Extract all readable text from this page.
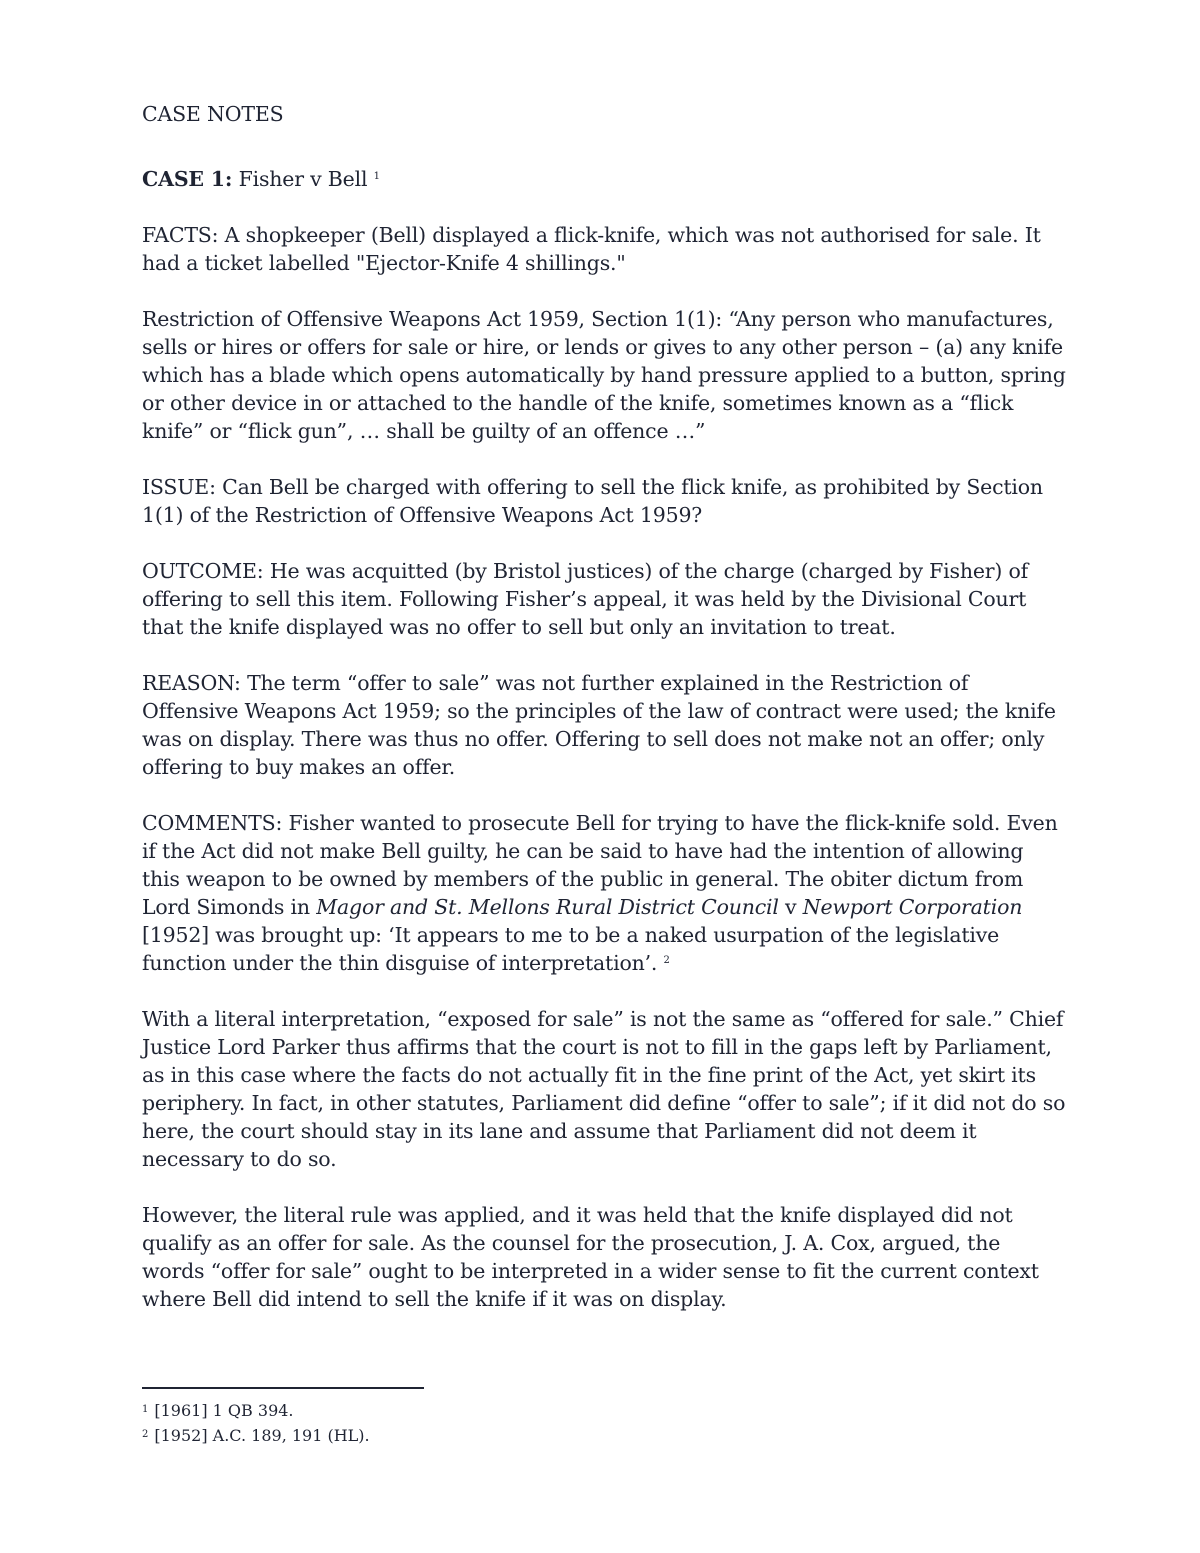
CASE NOTES
CASE 1: Fisher v Bell $^1$

FACTS: A shopkeeper (Bell) displayed a flick-knife, which was not authorised for sale. It had a ticket labelled "Ejector-Knife 4 shillings."

Restriction of Offensive Weapons Act 1959, Section 1(1): “Any person who manufactures, sells or hires or offers for sale or hire, or lends or gives to any other person – (a) any knife which has a blade which opens automatically by hand pressure applied to a button, spring or other device in or attached to the handle of the knife, sometimes known as a “flick knife” or “flick gun”, … shall be guilty of an offence …”

ISSUE: Can Bell be charged with offering to sell the flick knife, as prohibited by Section 1(1) of the Restriction of Offensive Weapons Act 1959?

OUTCOME: He was acquitted (by Bristol justices) of the charge (charged by Fisher) of offering to sell this item. Following Fisher’s appeal, it was held by the Divisional Court that the knife displayed was no offer to sell but only an invitation to treat.

REASON: The term “offer to sale” was not further explained in the Restriction of Offensive Weapons Act 1959; so the principles of the law of contract were used; the knife was on display. There was thus no offer. Offering to sell does not make not an offer; only offering to buy makes an offer.

COMMENTS: Fisher wanted to prosecute Bell for trying to have the flick-knife sold. Even if the Act did not make Bell guilty, he can be said to have had the intention of allowing this weapon to be owned by members of the public in general. The obiter dictum from Lord Simonds in Magor and St. Mellons Rural District Council v Newport Corporation [1952] was brought up: ‘It appears to me to be a naked usurpation of the legislative function under the thin disguise of interpretation’. $^2$

With a literal interpretation, “exposed for sale” is not the same as “offered for sale.” Chief Justice Lord Parker thus affirms that the court is not to fill in the gaps left by Parliament, as in this case where the facts do not actually fit in the fine print of the Act, yet skirt its periphery. In fact, in other statutes, Parliament did define “offer to sale”; if it did not do so here, the court should stay in its lane and assume that Parliament did not deem it necessary to do so.

However, the literal rule was applied, and it was held that the knife displayed did not qualify as an offer for sale. As the counsel for the prosecution, J. A. Cox, argued, the words “offer for sale” ought to be interpreted in a wider sense to fit the current context where Bell did intend to sell the knife if it was on display.

$^1$ [1961] 1 QB 394.
$^2$ [1952] A.C. 189, 191 (HL).
